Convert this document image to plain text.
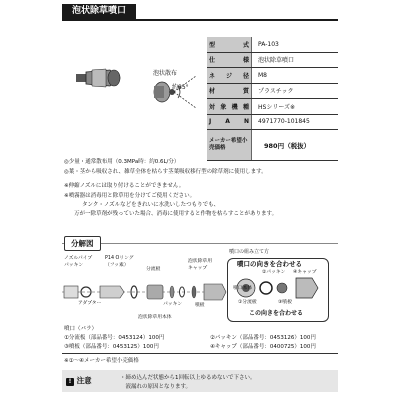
泡状除草噴口
泡状散布
約85°
型　式	PA-103
仕　様	泡状除草噴口
ネジ径	M8
材　質	プラスチック
対象機種	HSシリーズ※
J A N	4971770-101845
メーカー希望小売価格	980円（税抜）
◎少量・通常散布用（0.3MPa時：約0.6L/分）
◎葉・茎から吸収され、雑草全体を枯らす茎葉吸収移行型の除草剤に使用します。
※伸縮ノズルには取り付けることができません。
※噴霧器は消毒用と除草用を分けてご使用ください。
タンク・ノズルなどをきれいに水洗いしたつもりでも、
万が一除草剤が残っていた場合、消毒に使用すると作物を枯らすことがあります。
分解図
ノズルパイプ
パッキン
P14 Oリング
（フッ素）
分流板
泡状除草用
キャップ
アダプター	パッキン	噴板
泡状除草用本体
噴口の組み立て方
噴口の向きを合わせる
②パッキン ④キャップ
噴口本体
①分流板	③噴板
この向きを合わせる
噴口（バラ）
①分流板（部品番号：0453124）100円	②パッキン（部品番号：0453126）100円
③噴板（部品番号：0453125）100円	④キャップ（部品番号：0400725）100円
※①～④メーカー希望小売価格
! 注意	・締め込んだ状態から1回転以上ゆるめないで下さい。
　液漏れの原因となります。
